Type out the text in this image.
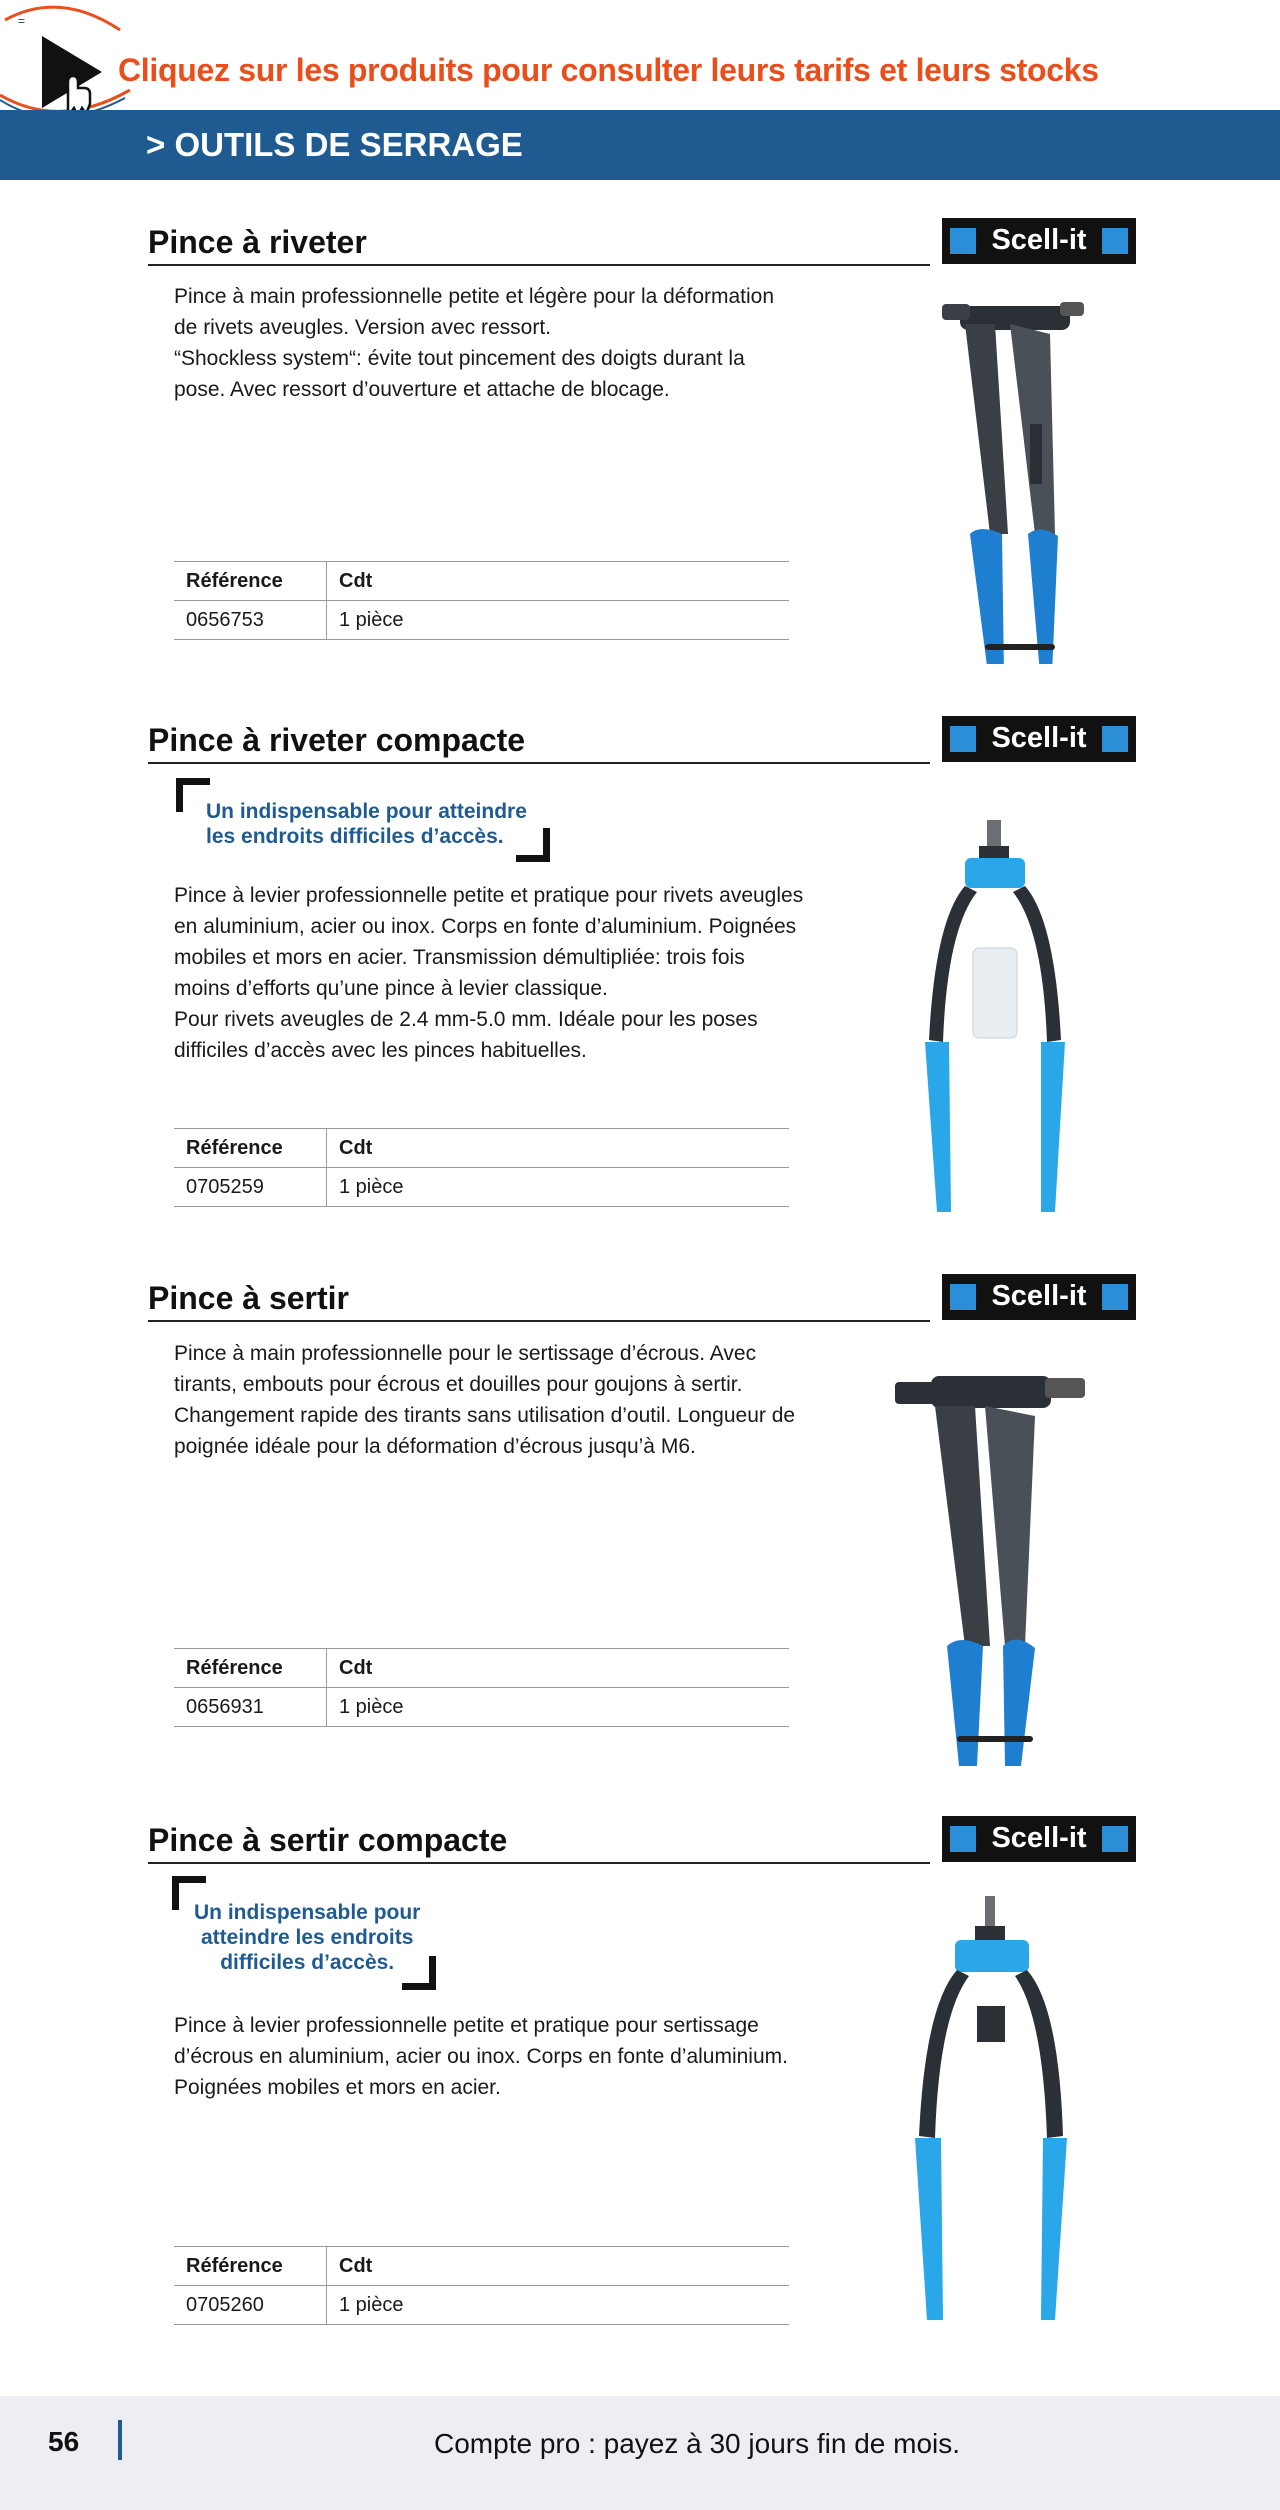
=
Cliquez sur les produits pour consulter leurs tarifs et leurs stocks
> OUTILS DE SERRAGE
Pince à riveter	Scell-it
Pince à main professionnelle petite et légère pour la déformation
de rivets aveugles. Version avec ressort.
“Shockless system“: évite tout pincement des doigts durant la
pose. Avec ressort d’ouverture et attache de blocage.
Référence	Cdt
0656753	1 pièce
Pince à riveter compacte	Scell-it
Un indispensable pour atteindre
les endroits difficiles d’accès.
Pince à levier professionnelle petite et pratique pour rivets aveugles
en aluminium, acier ou inox. Corps en fonte d’aluminium. Poignées
mobiles et mors en acier. Transmission démultipliée: trois fois
moins d’efforts qu’une pince à levier classique.
Pour rivets aveugles de 2.4 mm-5.0 mm. Idéale pour les poses
difficiles d’accès avec les pinces habituelles.
Référence	Cdt
0705259	1 pièce
Pince à sertir	Scell-it
Pince à main professionnelle pour le sertissage d’écrous. Avec
tirants, embouts pour écrous et douilles pour goujons à sertir.
Changement rapide des tirants sans utilisation d’outil. Longueur de
poignée idéale pour la déformation d’écrous jusqu’à M6.
Référence	Cdt
0656931	1 pièce
Pince à sertir compacte	Scell-it
Un indispensable pour
atteindre les endroits
difficiles d’accès.
Pince à levier professionnelle petite et pratique pour sertissage
d’écrous en aluminium, acier ou inox. Corps en fonte d’aluminium.
Poignées mobiles et mors en acier.
Référence	Cdt
0705260	1 pièce
56	Compte pro : payez à 30 jours fin de mois.
